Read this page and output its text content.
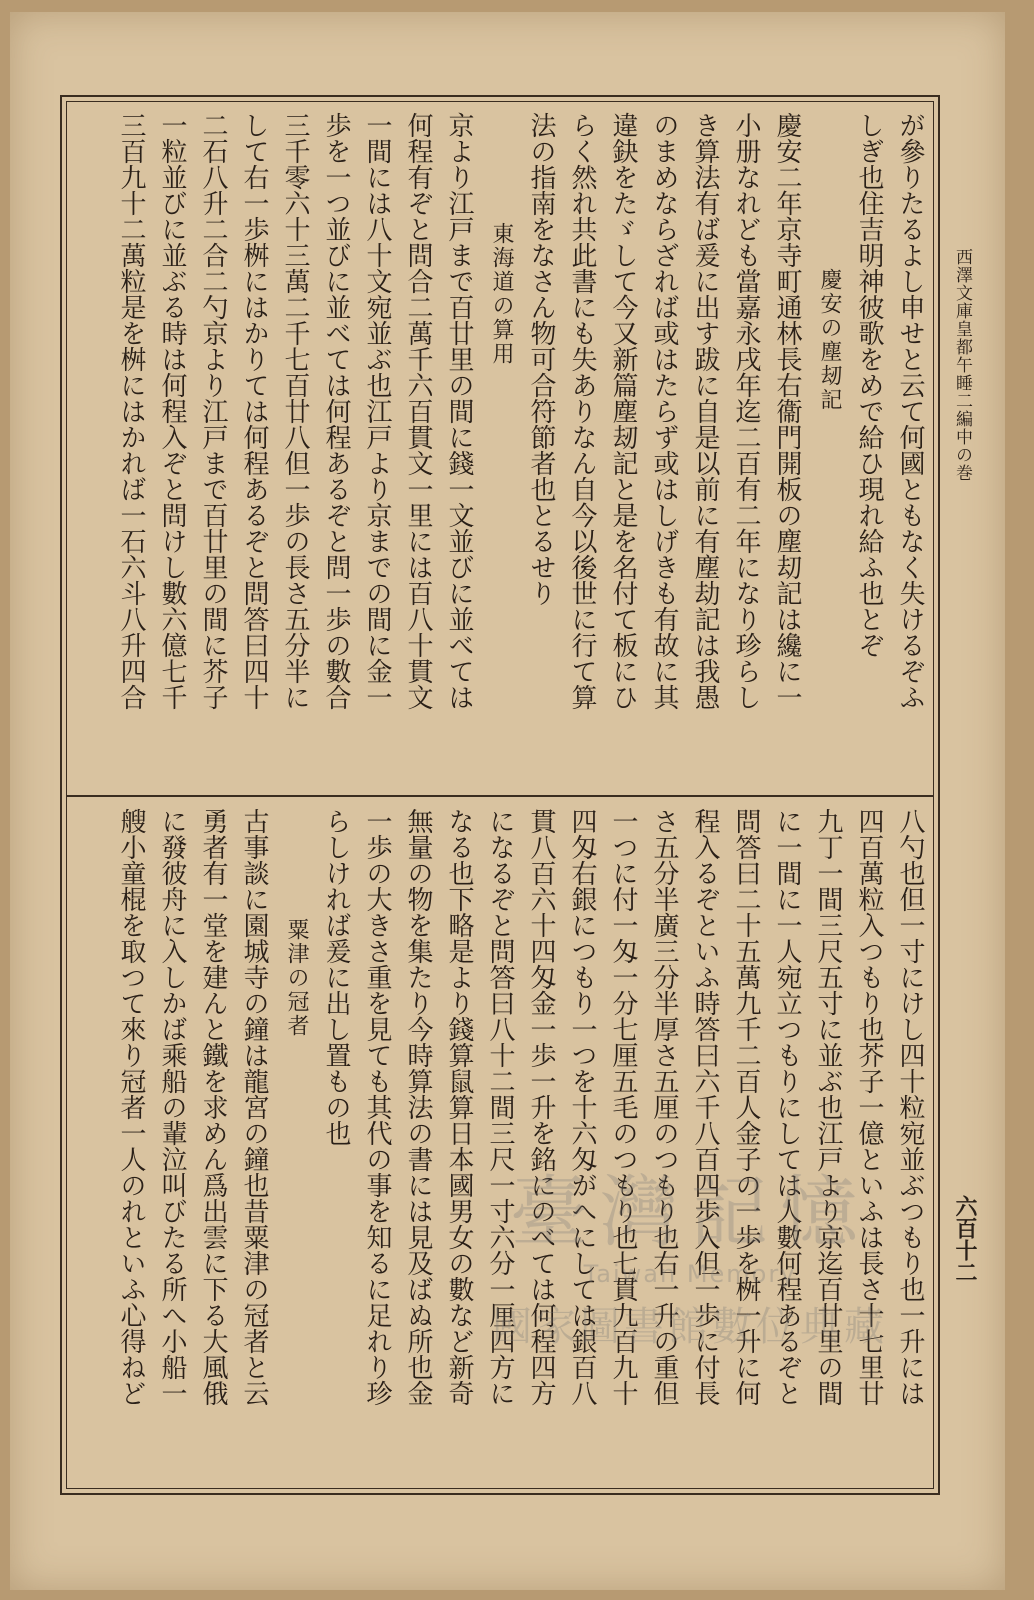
西澤文庫皇都午睡二編中の巻
六百十二
が參りたるよし申せと云て何國ともなく失けるぞふ
しぎ也住吉明神彼歌をめで給ひ現れ給ふ也とぞ
慶安の塵刼記
慶安二年京寺町通林長右衞門開板の塵刧記は纔に一
小册なれども當嘉永戌年迄二百有二年になり珍らし
き算法有ば爰に出す跋に自是以前に有塵劫記は我愚
のまめならざれば或はたらず或はしげきも有故に其
違鈌をたゞして今又新篇塵刼記と是を名付て板にひ
らく然れ共此書にも失ありなん自今以後世に行て算
法の指南をなさん物可合符節者也とるせり
東海道の算用
京より江戸まで百廿里の間に錢一文並びに並べては
何程有ぞと問合二萬千六百貫文一里には百八十貫文
一間には八十文宛並ぶ也江戸より京までの間に金一
歩を一つ並びに並べては何程あるぞと問一歩の數合
三千零六十三萬二千七百廿八但一歩の長さ五分半に
して右一歩桝にはかりては何程あるぞと問答曰四十
二石八升二合二勺京より江戸まで百廿里の間に芥子
一粒並びに並ぶる時は何程入ぞと問けし數六億七千
三百九十二萬粒是を桝にはかれば一石六斗八升四合
八勺也但一寸にけし四十粒宛並ぶつもり也一升には
四百萬粒入つもり也芥子一億といふは長さ十七里廿
九丁一間三尺五寸に並ぶ也江戸より京迄百廿里の間
に一間に一人宛立つもりにしては人數何程あるぞと
問答曰二十五萬九千二百人金子の一歩を桝一升に何
程入るぞといふ時答曰六千八百四歩入但一歩に付長
さ五分半廣三分半厚さ五厘のつもり也右一升の重但
一つに付一匁一分七厘五毛のつもり也七貫九百九十
四匁右銀につもり一つを十六匁がへにしては銀百八
貫八百六十四匁金一歩一升を銘にのべては何程四方
になるぞと問答曰八十二間三尺一寸六分一厘四方に
なる也下略是より錢算鼠算日本國男女の數など新奇
無量の物を集たり今時算法の書には見及ばぬ所也金
一歩の大きさ重を見ても其代の事を知るに足れり珍
らしければ爰に出し置もの也
粟津の冠者
古事談に園城寺の鐘は龍宮の鐘也昔粟津の冠者と云
勇者有一堂を建んと鐵を求めん爲出雲に下る大風俄
に發彼舟に入しかば乘船の輩泣叫びたる所へ小船一
艘小童棍を取つて來り冠者一人のれといふ心得ねど	臺灣記憶
Taiwan Memory
國家圖書館數位典藏
